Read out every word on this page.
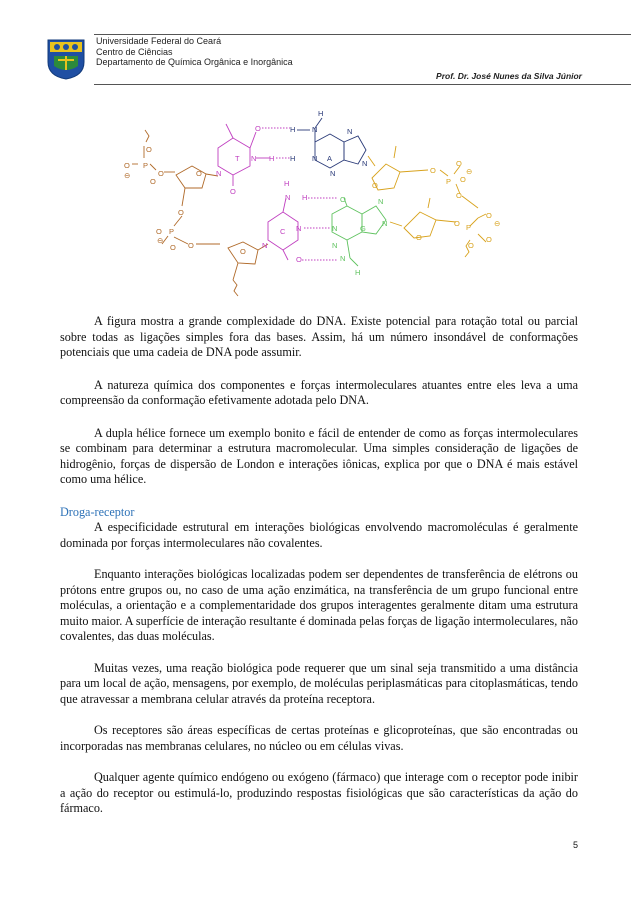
Universidade Federal do Ceará
Centro de Ciências
Departamento de Química Orgânica e Inorgânica
Prof. Dr. José Nunes da Silva Júnior
O
P
O
O
⊖	O	O
O
P
O
⊖
O O
O
O
T N H
N
O
H
H N	N
H N A
N
N
O
O
P
O
O
⊖
O
H
N H
C N
N
O
O	N
N	G
N
N
N
H
O
O P
O
⊖
O
O

A figura mostra a grande complexidade do DNA. Existe potencial para rotação total ou parcial sobre todas as ligações simples fora das bases. Assim, há um número insondável de conformações potenciais que uma cadeia de DNA pode assumir.

A natureza química dos componentes e forças intermoleculares atuantes entre eles leva a uma compreensão da conformação efetivamente adotada pelo DNA.

A dupla hélice fornece um exemplo bonito e fácil de entender de como as forças intermoleculares se combinam para determinar a estrutura macromolecular. Uma simples consideração de ligações de hidrogênio, forças de dispersão de London e interações iônicas, explica por que o DNA é mais estável como uma hélice.

Droga-receptor

A especificidade estrutural em interações biológicas envolvendo macromoléculas é geralmente dominada por forças intermoleculares não covalentes.

Enquanto interações biológicas localizadas podem ser dependentes de transferência de elétrons ou prótons entre grupos ou, no caso de uma ação enzimática, na transferência de um grupo funcional entre moléculas, a orientação e a complementaridade dos grupos interagentes geralmente ditam uma estrutura muito maior. A superfície de interação resultante é dominada pelas forças de ligação intermoleculares, não covalentes, das duas moléculas.

Muitas vezes, uma reação biológica pode requerer que um sinal seja transmitido a uma distância para um local de ação, mensagens, por exemplo, de moléculas periplasmáticas para citoplasmáticas, tendo que atravessar a membrana celular através da proteína receptora.

Os receptores são áreas específicas de certas proteínas e glicoproteínas, que são encontradas ou incorporadas nas membranas celulares, no núcleo ou em células vivas.

Qualquer agente químico endógeno ou exógeno (fármaco) que interage com o receptor pode inibir a ação do receptor ou estimulá-lo, produzindo respostas fisiológicas que são características da ação do fármaco.

5
